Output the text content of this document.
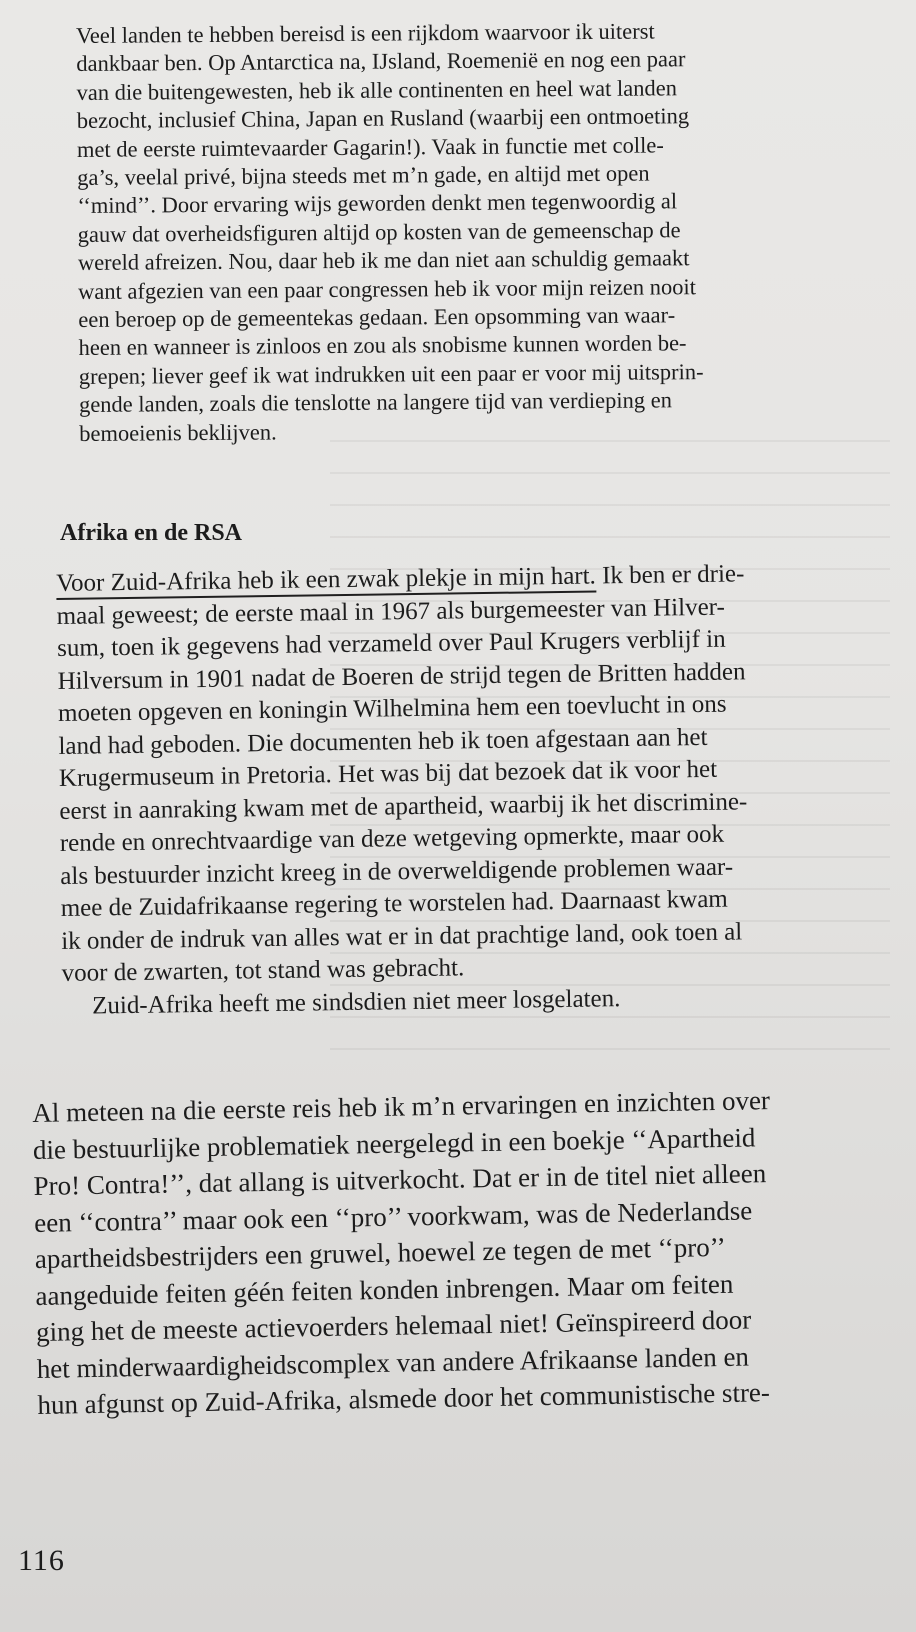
Veel landen te hebben bereisd is een rijkdom waarvoor ik uiterst
dankbaar ben. Op Antarctica na, IJsland, Roemenië en nog een paar
van die buitengewesten, heb ik alle continenten en heel wat landen
bezocht, inclusief China, Japan en Rusland (waarbij een ontmoeting
met de eerste ruimtevaarder Gagarin!). Vaak in functie met colle-
ga’s, veelal privé, bijna steeds met m’n gade, en altijd met open
‘‘mind’’. Door ervaring wijs geworden denkt men tegenwoordig al
gauw dat overheidsfiguren altijd op kosten van de gemeenschap de
wereld afreizen. Nou, daar heb ik me dan niet aan schuldig gemaakt
want afgezien van een paar congressen heb ik voor mijn reizen nooit
een beroep op de gemeentekas gedaan. Een opsomming van waar-
heen en wanneer is zinloos en zou als snobisme kunnen worden be-
grepen; liever geef ik wat indrukken uit een paar er voor mij uitsprin-
gende landen, zoals die tenslotte na langere tijd van verdieping en
bemoeienis beklijven.
Afrika en de RSA
Voor Zuid-Afrika heb ik een zwak plekje in mijn hart. Ik ben er drie-
maal geweest; de eerste maal in 1967 als burgemeester van Hilver-
sum, toen ik gegevens had verzameld over Paul Krugers verblijf in
Hilversum in 1901 nadat de Boeren de strijd tegen de Britten hadden
moeten opgeven en koningin Wilhelmina hem een toevlucht in ons
land had geboden. Die documenten heb ik toen afgestaan aan het
Krugermuseum in Pretoria. Het was bij dat bezoek dat ik voor het
eerst in aanraking kwam met de apartheid, waarbij ik het discrimine-
rende en onrechtvaardige van deze wetgeving opmerkte, maar ook
als bestuurder inzicht kreeg in de overweldigende problemen waar-
mee de Zuidafrikaanse regering te worstelen had. Daarnaast kwam
ik onder de indruk van alles wat er in dat prachtige land, ook toen al
voor de zwarten, tot stand was gebracht.
Zuid-Afrika heeft me sindsdien niet meer losgelaten.
Al meteen na die eerste reis heb ik m’n ervaringen en inzichten over
die bestuurlijke problematiek neergelegd in een boekje ‘‘Apartheid
Pro! Contra!’’, dat allang is uitverkocht. Dat er in de titel niet alleen
een ‘‘contra’’ maar ook een ‘‘pro’’ voorkwam, was de Nederlandse
apartheidsbestrijders een gruwel, hoewel ze tegen de met ‘‘pro’’
aangeduide feiten géén feiten konden inbrengen. Maar om feiten
ging het de meeste actievoerders helemaal niet! Geïnspireerd door
het minderwaardigheidscomplex van andere Afrikaanse landen en
hun afgunst op Zuid-Afrika, alsmede door het communistische stre-
116
